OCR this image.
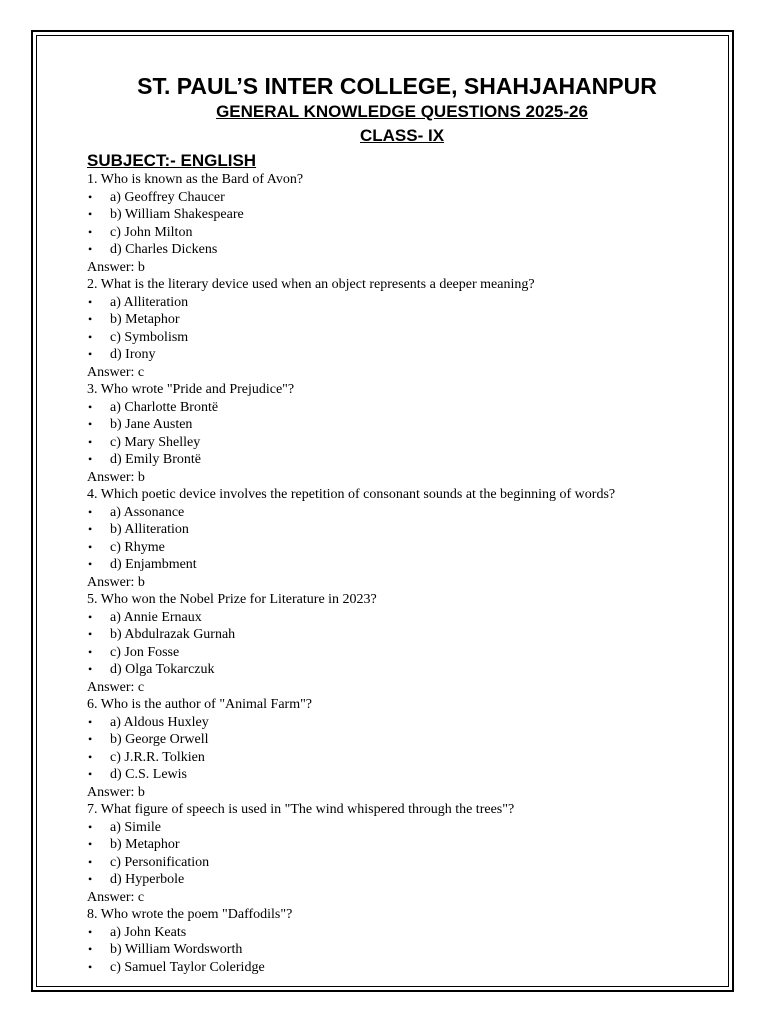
ST. PAUL’S INTER COLLEGE, SHAHJAHANPUR
GENERAL KNOWLEDGE QUESTIONS 2025-26
CLASS- IX
SUBJECT:- ENGLISH
1. Who is known as the Bard of Avon?
• a) Geoffrey Chaucer
• b) William Shakespeare
• c) John Milton
• d) Charles Dickens
Answer: b
2. What is the literary device used when an object represents a deeper meaning?
• a) Alliteration
• b) Metaphor
• c) Symbolism
• d) Irony
Answer: c
3. Who wrote "Pride and Prejudice"?
• a) Charlotte Brontë
• b) Jane Austen
• c) Mary Shelley
• d) Emily Brontë
Answer: b
4. Which poetic device involves the repetition of consonant sounds at the beginning of words?
• a) Assonance
• b) Alliteration
• c) Rhyme
• d) Enjambment
Answer: b
5. Who won the Nobel Prize for Literature in 2023?
• a) Annie Ernaux
• b) Abdulrazak Gurnah
• c) Jon Fosse
• d) Olga Tokarczuk
Answer: c
6. Who is the author of "Animal Farm"?
• a) Aldous Huxley
• b) George Orwell
• c) J.R.R. Tolkien
• d) C.S. Lewis
Answer: b
7. What figure of speech is used in "The wind whispered through the trees"?
• a) Simile
• b) Metaphor
• c) Personification
• d) Hyperbole
Answer: c
8. Who wrote the poem "Daffodils"?
• a) John Keats
• b) William Wordsworth
• c) Samuel Taylor Coleridge
